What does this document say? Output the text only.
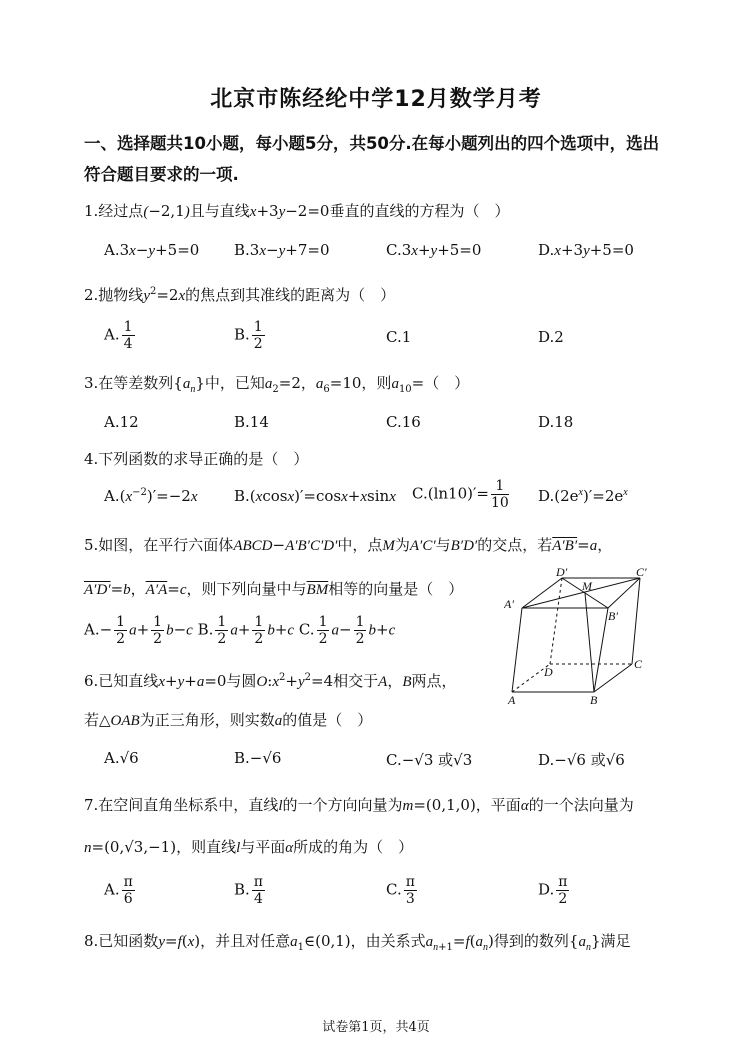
北京市陈经纶中学12月数学月考
一、选择题共10小题，每小题5分，共50分.在每小题列出的四个选项中，选出符合题目要求的一项.
1.经过点(−2,1)且与直线x+3y−2=0垂直的直线的方程为（　）
A.3x−y+5=0 B.3x−y+7=0	C.3x+y+5=0	D.x+3y+5=0
2.抛物线$y^2=2x$的焦点到其准线的距离为（　）
A. $\frac{1}{4}$	B. $\frac{1}{2}$	C.1	D.2
3.在等差数列$\{a_n\}$中，已知$a_2=2$，$a_6=10$，则$a_{10}=$（　）
A.12	B.14	C.16	D.18
4.下列函数的求导正确的是（　）
$A.(x^{-2})'=-2x$ B.(xcosx)′=cosx+xsinx $C.(\ln 10)'= \frac{1}{10} D.(2e^x)'=2e^x$
5.如图，在平行六面体ABCD−A′B′C′D′中，点M为A′C′与B′D′的交点，若A′B′=a，
A′D′=b，A′A=c，则下列向量中与$\overline{BM}$相等的向量是（　）
$A.- \frac{1}{2} a+ \frac{1}{2} b-c$ B. $\frac{1}{2} a+ \frac{1}{2} b+c$ C. $\frac{1}{2} a- \frac{1}{2} b+c$
6.已知直线x+y+a=0与圆$O:x^2+y^2=4$相交于A，B两点，
若△OAB为正三角形，则实数a的值是（　）
A.√6	B.−√6	C.−√3 或√3	D.−√6 或√6
7.在空间直角坐标系中，直线l的一个方向向量为m=(0,1,0)，平面α的一个法向量为
n=(0,√3,−1)，则直线l与平面α所成的角为（　）
A. $\frac{\pi}{6}$	B. $\frac{\pi}{4}$	C. $\frac{\pi}{3}$	D. $\frac{\pi}{2}$
8.已知函数y=f(x)，并且对任意$a_1\in(0,1)$，由关系式$a_{n+1}=f(a_n)$得到的数列$\{a_n\}$满足
D′
M
C′
A′
B′
D
C
A	B
试卷第1页，共4页
